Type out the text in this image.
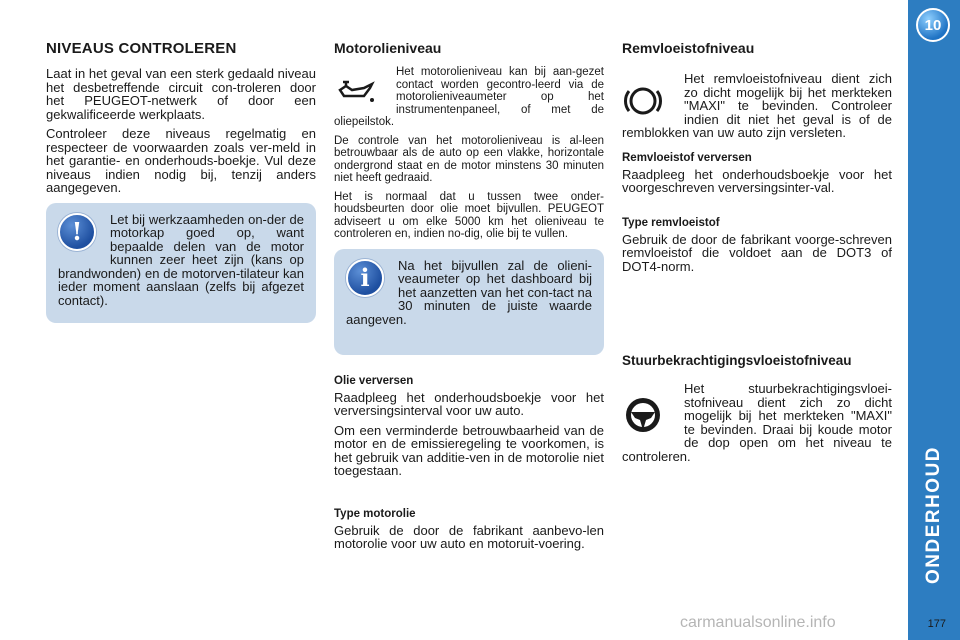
NIVEAUS CONTROLEREN

Laat in het geval van een sterk gedaald niveau het desbetreffende circuit con-troleren door het PEUGEOT-netwerk of door een gekwalificeerde werkplaats.

Controleer deze niveaus regelmatig en respecteer de voorwaarden zoals ver-meld in het garantie- en onderhouds-boekje. Vul deze niveaus indien nodig bij, tenzij anders aangegeven.

!	Let bij werkzaamheden on-der de motorkap goed op, want bepaalde delen van de motor kunnen zeer heet zijn (kans op brandwonden) en de motorven-tilateur kan ieder moment aanslaan (zelfs bij afgezet contact).

Motorolieniveau

Het motorolieniveau kan bij aan-gezet contact worden gecontro-leerd via de motorolieniveaumeter op het instrumentenpaneel, of met de oliepeilstok.

De controle van het motorolieniveau is al-leen betrouwbaar als de auto op een vlakke, horizontale ondergrond staat en de motor minstens 30 minuten niet heeft gedraaid.

Het is normaal dat u tussen twee onder-houdsbeurten door olie moet bijvullen. PEUGEOT adviseert u om elke 5000 km het olieniveau te controleren en, indien no-dig, olie bij te vullen.

i	Na het bijvullen zal de olieni-veaumeter op het dashboard bij het aanzetten van het con-tact na 30 minuten de juiste waarde aangeven.

Olie verversen

Raadpleeg het onderhoudsboekje voor het verversingsinterval voor uw auto.

Om een verminderde betrouwbaarheid van de motor en de emissieregeling te voorkomen, is het gebruik van additie-ven in de motorolie niet toegestaan.

Type motorolie

Gebruik de door de fabrikant aanbevo-len motorolie voor uw auto en motoruit-voering.

Remvloeistofniveau

Het remvloeistofniveau dient zich zo dicht mogelijk bij het merkteken "MAXI" te bevinden. Controleer indien dit niet het geval is of de remblokken van uw auto zijn versleten.

Remvloeistof verversen

Raadpleeg het onderhoudsboekje voor het voorgeschreven verversingsinter-val.

Type remvloeistof

Gebruik de door de fabrikant voorge-schreven remvloeistof die voldoet aan de DOT3 of DOT4-norm.

Stuurbekrachtigingsvloeistofniveau

Het stuurbekrachtigingsvloei-stofniveau dient zich zo dicht mogelijk bij het merkteken "MAXI" te bevinden. Draai bij koude motor de dop open om het niveau te controleren.

10
ONDERHOUD
177
carmanualsonline.info
